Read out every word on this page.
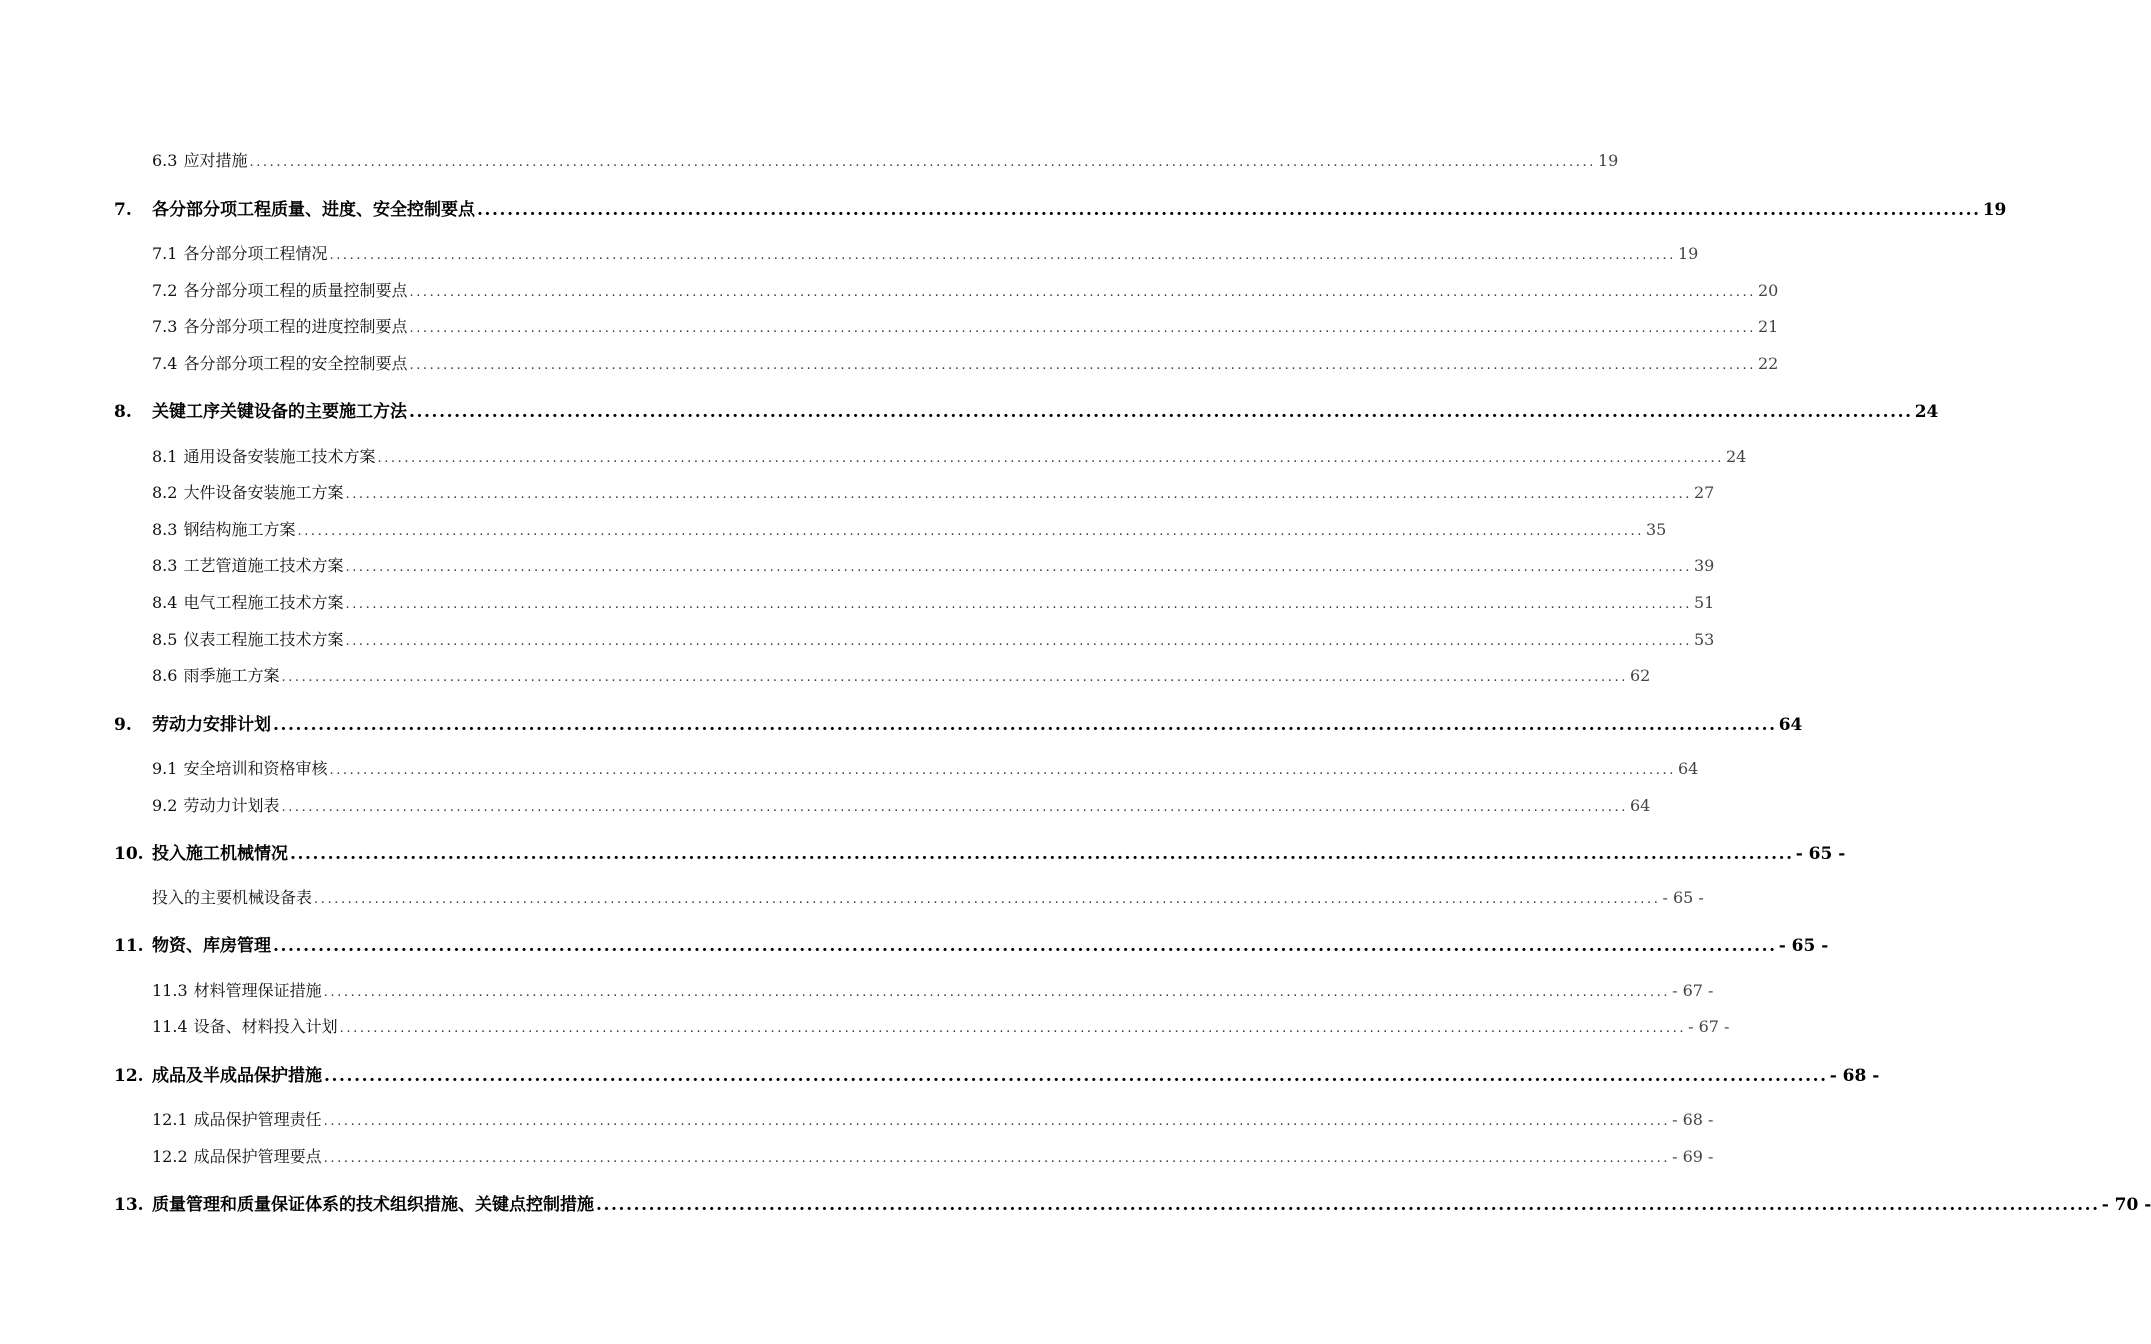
6.3 应对措施 ........................................................................................................................................................................................................ 19
7.	各分部分项工程质量、进度、安全控制要点 ........................................................................................................................................................................................................ 19
7.1 各分部分项工程情况 ........................................................................................................................................................................................................ 19
7.2 各分部分项工程的质量控制要点 ........................................................................................................................................................................................................ 20
7.3 各分部分项工程的进度控制要点 ........................................................................................................................................................................................................ 21
7.4 各分部分项工程的安全控制要点 ........................................................................................................................................................................................................ 22
8.	关键工序关键设备的主要施工方法 ........................................................................................................................................................................................................ 24
8.1 通用设备安装施工技术方案 ........................................................................................................................................................................................................ 24
8.2 大件设备安装施工方案 ........................................................................................................................................................................................................ 27
8.3 钢结构施工方案 ........................................................................................................................................................................................................ 35
8.3 工艺管道施工技术方案 ........................................................................................................................................................................................................ 39
8.4 电气工程施工技术方案 ........................................................................................................................................................................................................ 51
8.5 仪表工程施工技术方案 ........................................................................................................................................................................................................ 53
8.6 雨季施工方案 ........................................................................................................................................................................................................ 62
9.	劳动力安排计划 ........................................................................................................................................................................................................ 64
9.1 安全培训和资格审核 ........................................................................................................................................................................................................ 64
9.2 劳动力计划表 ........................................................................................................................................................................................................ 64
10. 投入施工机械情况 ........................................................................................................................................................................................................ - 65 -
投入的主要机械设备表 ........................................................................................................................................................................................................ - 65 -
11. 物资、库房管理 ........................................................................................................................................................................................................ - 65 -
11.3 材料管理保证措施 ........................................................................................................................................................................................................ - 67 -
11.4 设备、材料投入计划 ........................................................................................................................................................................................................ - 67 -
12. 成品及半成品保护措施 ........................................................................................................................................................................................................ - 68 -
12.1 成品保护管理责任 ........................................................................................................................................................................................................ - 68 -
12.2 成品保护管理要点 ........................................................................................................................................................................................................ - 69 -
13. 质量管理和质量保证体系的技术组织措施、关键点控制措施 ........................................................................................................................................................................................................ - 70 -
